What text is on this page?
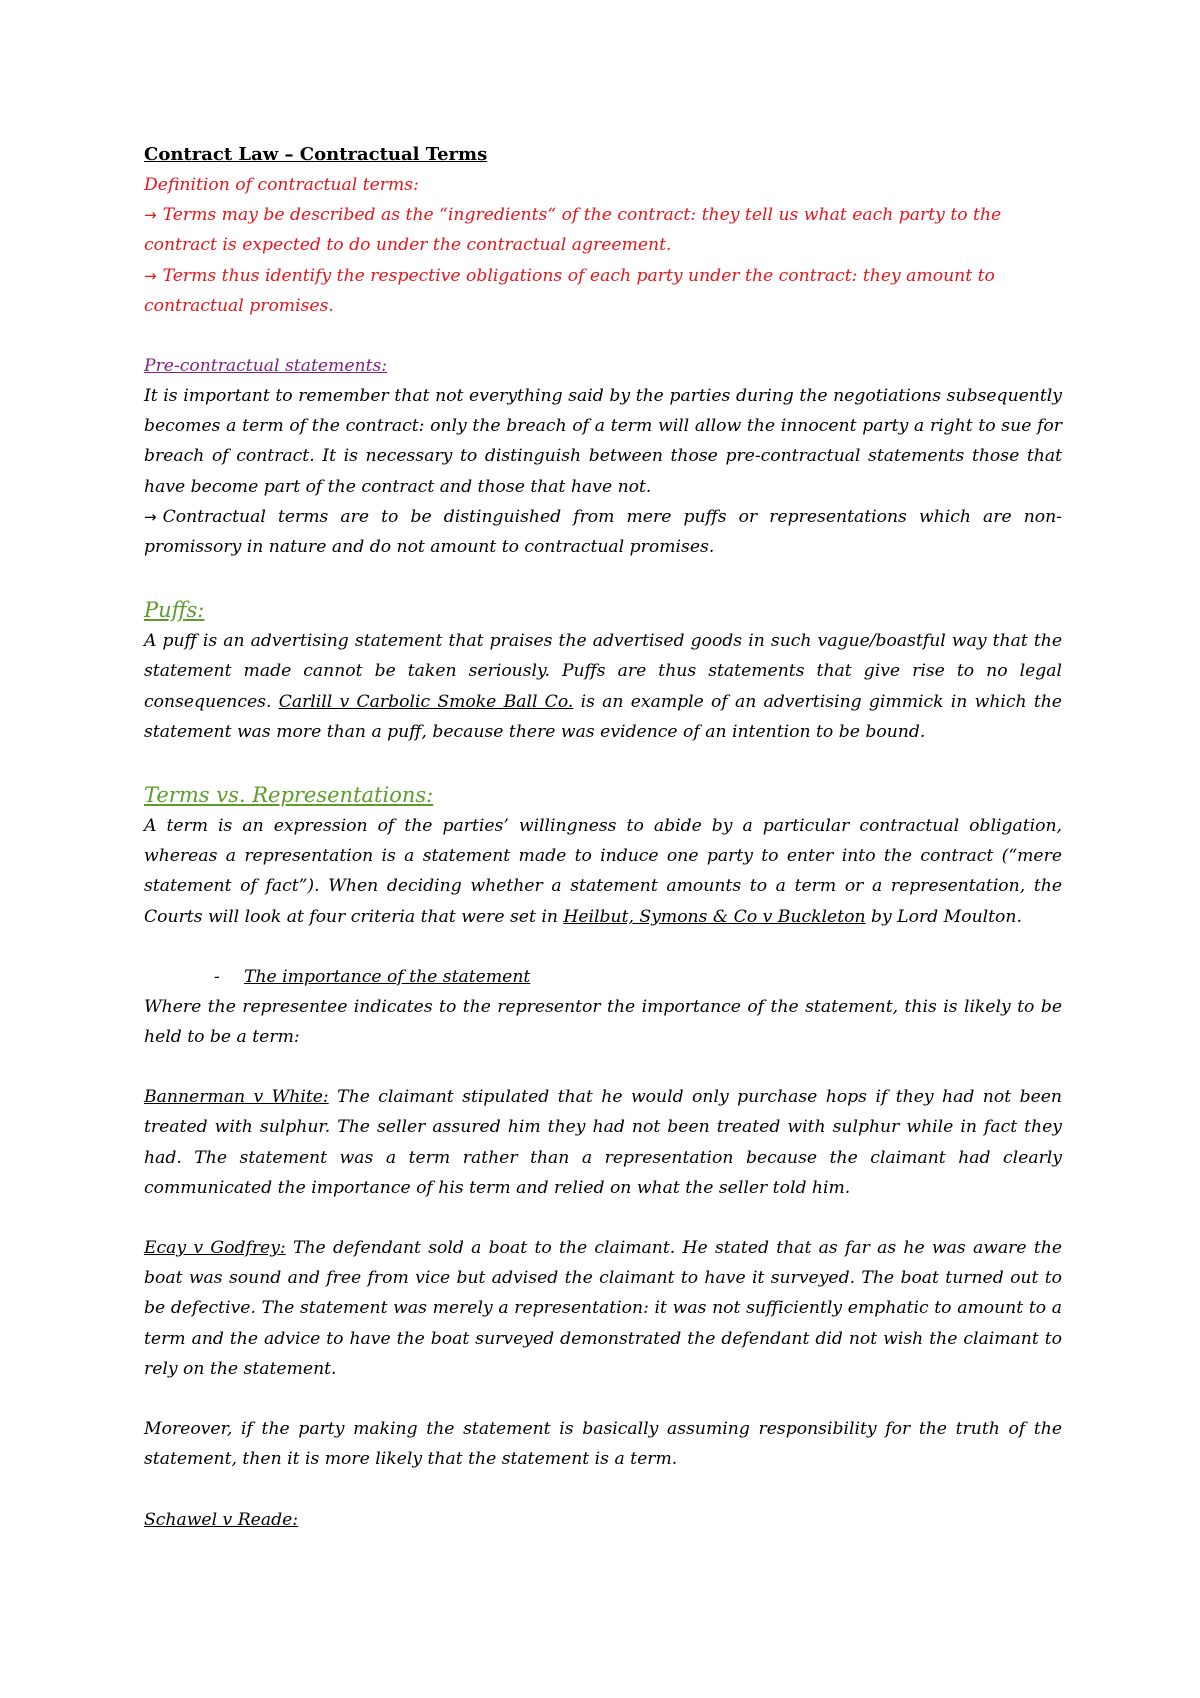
Contract Law – Contractual Terms

Definition of contractual terms:

→ Terms may be described as the “ingredients“ of the contract: they tell us what each party to the contract is expected to do under the contractual agreement.

→ Terms thus identify the respective obligations of each party under the contract: they amount to contractual promises.

Pre-contractual statements:

It is important to remember that not everything said by the parties during the negotiations subsequently becomes a term of the contract: only the breach of a term will allow the innocent party a right to sue for breach of contract. It is necessary to distinguish between those pre-contractual statements those that have become part of the contract and those that have not.

→ Contractual terms are to be distinguished from mere puffs or representations which are non-promissory in nature and do not amount to contractual promises.

Puffs:

A puff is an advertising statement that praises the advertised goods in such vague/boastful way that the statement made cannot be taken seriously. Puffs are thus statements that give rise to no legal consequences. Carlill v Carbolic Smoke Ball Co. is an example of an advertising gimmick in which the statement was more than a puff, because there was evidence of an intention to be bound.

Terms vs. Representations:

A term is an expression of the parties’ willingness to abide by a particular contractual obligation, whereas a representation is a statement made to induce one party to enter into the contract (“mere statement of fact”). When deciding whether a statement amounts to a term or a representation, the Courts will look at four criteria that were set in Heilbut, Symons & Co v Buckleton by Lord Moulton.

-	The importance of the statement

Where the representee indicates to the representor the importance of the statement, this is likely to be held to be a term:

Bannerman v White: The claimant stipulated that he would only purchase hops if they had not been treated with sulphur. The seller assured him they had not been treated with sulphur while in fact they had. The statement was a term rather than a representation because the claimant had clearly communicated the importance of his term and relied on what the seller told him.

Ecay v Godfrey: The defendant sold a boat to the claimant. He stated that as far as he was aware the boat was sound and free from vice but advised the claimant to have it surveyed. The boat turned out to be defective. The statement was merely a representation: it was not sufficiently emphatic to amount to a term and the advice to have the boat surveyed demonstrated the defendant did not wish the claimant to rely on the statement.

Moreover, if the party making the statement is basically assuming responsibility for the truth of the statement, then it is more likely that the statement is a term.

Schawel v Reade:
